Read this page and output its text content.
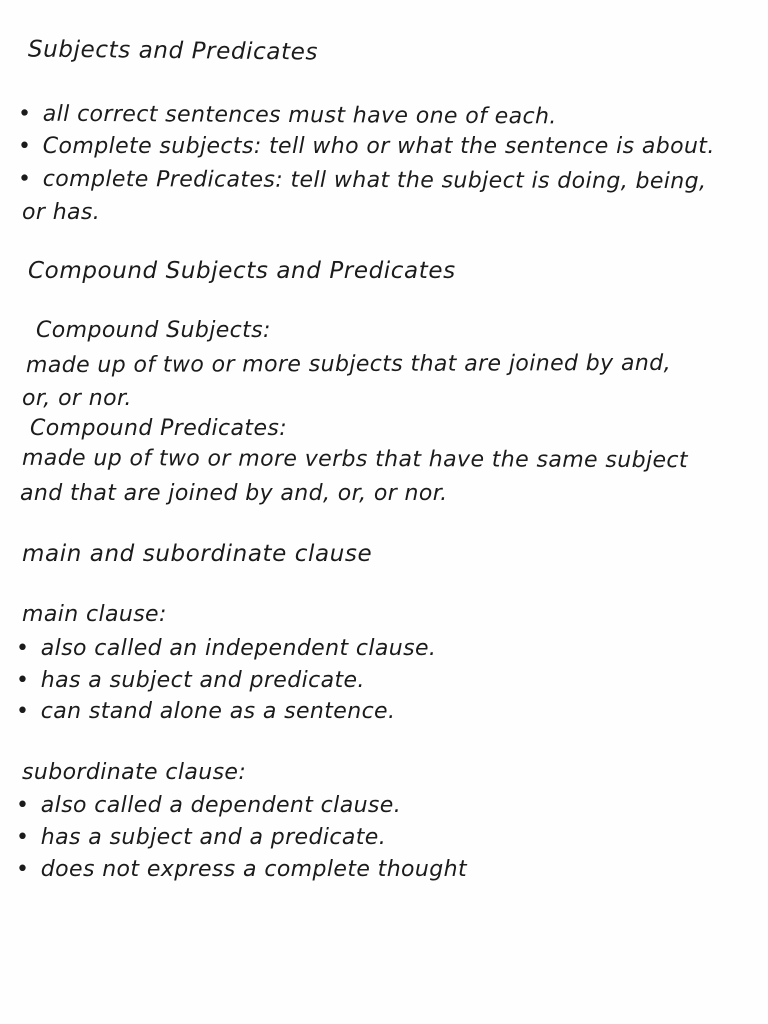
Subjects and Predicates
• all correct sentences must have one of each.
• Complete subjects: tell who or what the sentence is about.
• complete Predicates: tell what the subject is doing, being,
or has.
Compound Subjects and Predicates
Compound Subjects:
made up of two or more subjects that are joined by and,
or, or nor.
Compound Predicates:
made up of two or more verbs that have the same subject
and that are joined by and, or, or nor.
main and subordinate clause
main clause:
• also called an independent clause.
• has a subject and predicate.
• can stand alone as a sentence.
subordinate clause:
• also called a dependent clause.
• has a subject and a predicate.
• does not express a complete thought
